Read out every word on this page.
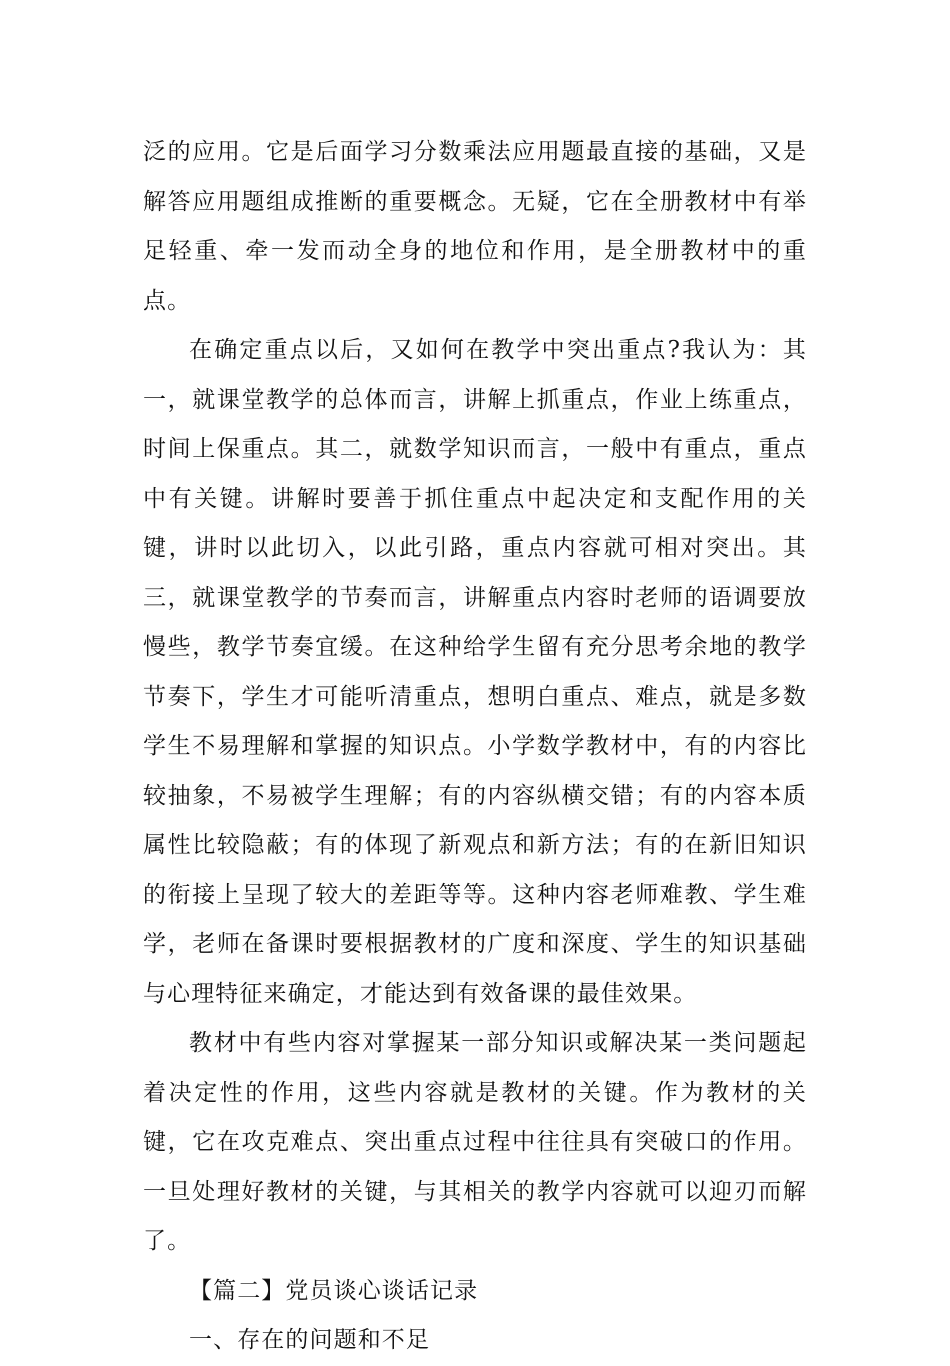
泛的应用。它是后面学习分数乘法应用题最直接的基础，又是解答应用题组成推断的重要概念。无疑，它在全册教材中有举足轻重、牵一发而动全身的地位和作用，是全册教材中的重点。

在确定重点以后，又如何在教学中突出重点?我认为：其一，就课堂教学的总体而言，讲解上抓重点，作业上练重点，时间上保重点。其二，就数学知识而言，一般中有重点，重点中有关键。讲解时要善于抓住重点中起决定和支配作用的关键，讲时以此切入，以此引路，重点内容就可相对突出。其三，就课堂教学的节奏而言，讲解重点内容时老师的语调要放慢些，教学节奏宜缓。在这种给学生留有充分思考余地的教学节奏下，学生才可能听清重点，想明白重点、难点，就是多数学生不易理解和掌握的知识点。小学数学教材中，有的内容比较抽象，不易被学生理解；有的内容纵横交错；有的内容本质属性比较隐蔽；有的体现了新观点和新方法；有的在新旧知识的衔接上呈现了较大的差距等等。这种内容老师难教、学生难学，老师在备课时要根据教材的广度和深度、学生的知识基础与心理特征来确定，才能达到有效备课的最佳效果。

教材中有些内容对掌握某一部分知识或解决某一类问题起着决定性的作用，这些内容就是教材的关键。作为教材的关键，它在攻克难点、突出重点过程中往往具有突破口的作用。一旦处理好教材的关键，与其相关的教学内容就可以迎刃而解了。

【篇二】党员谈心谈话记录

一、存在的问题和不足
